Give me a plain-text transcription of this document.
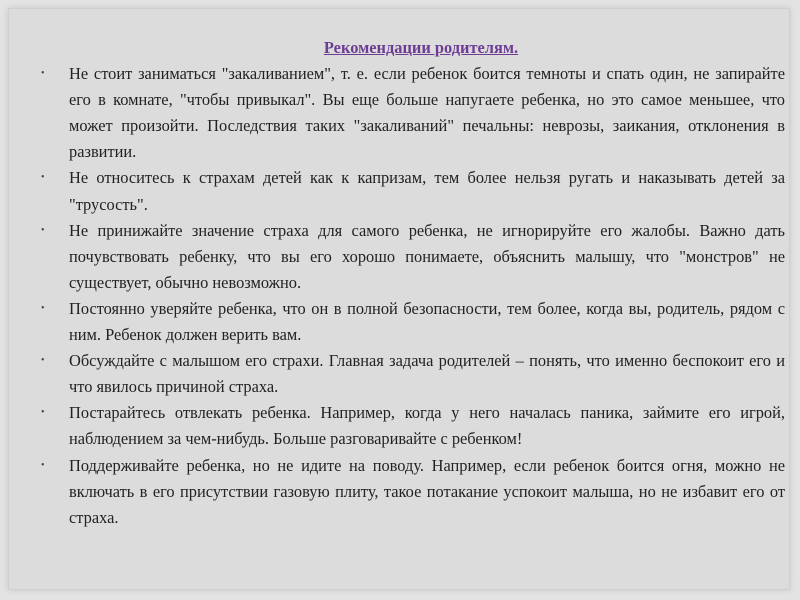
Рекомендации родителям.
• Не стоит заниматься "закаливанием", т. е. если ребенок боится темноты и спать один, не запирайте его в комнате, "чтобы привыкал". Вы еще больше напугаете ребенка, но это самое меньшее, что может произойти. Последствия таких "закаливаний" печальны: неврозы, заикания, отклонения в развитии.
• Не относитесь к страхам детей как к капризам, тем более нельзя ругать и наказывать детей за "трусость".
• Не принижайте значение страха для самого ребенка, не игнорируйте его жалобы. Важно дать почувствовать ребенку, что вы его хорошо понимаете, объяснить малышу, что "монстров" не существует, обычно невозможно.
• Постоянно уверяйте ребенка, что он в полной безопасности, тем более, когда вы, родитель, рядом с ним. Ребенок должен верить вам.
• Обсуждайте с малышом его страхи. Главная задача родителей – понять, что именно беспокоит его и что явилось причиной страха.
• Постарайтесь отвлекать ребенка. Например, когда у него началась паника, займите его игрой, наблюдением за чем-нибудь. Больше разговаривайте с ребенком!
• Поддерживайте ребенка, но не идите на поводу. Например, если ребенок боится огня, можно не включать в его присутствии газовую плиту, такое потакание успокоит малыша, но не избавит его от страха.
